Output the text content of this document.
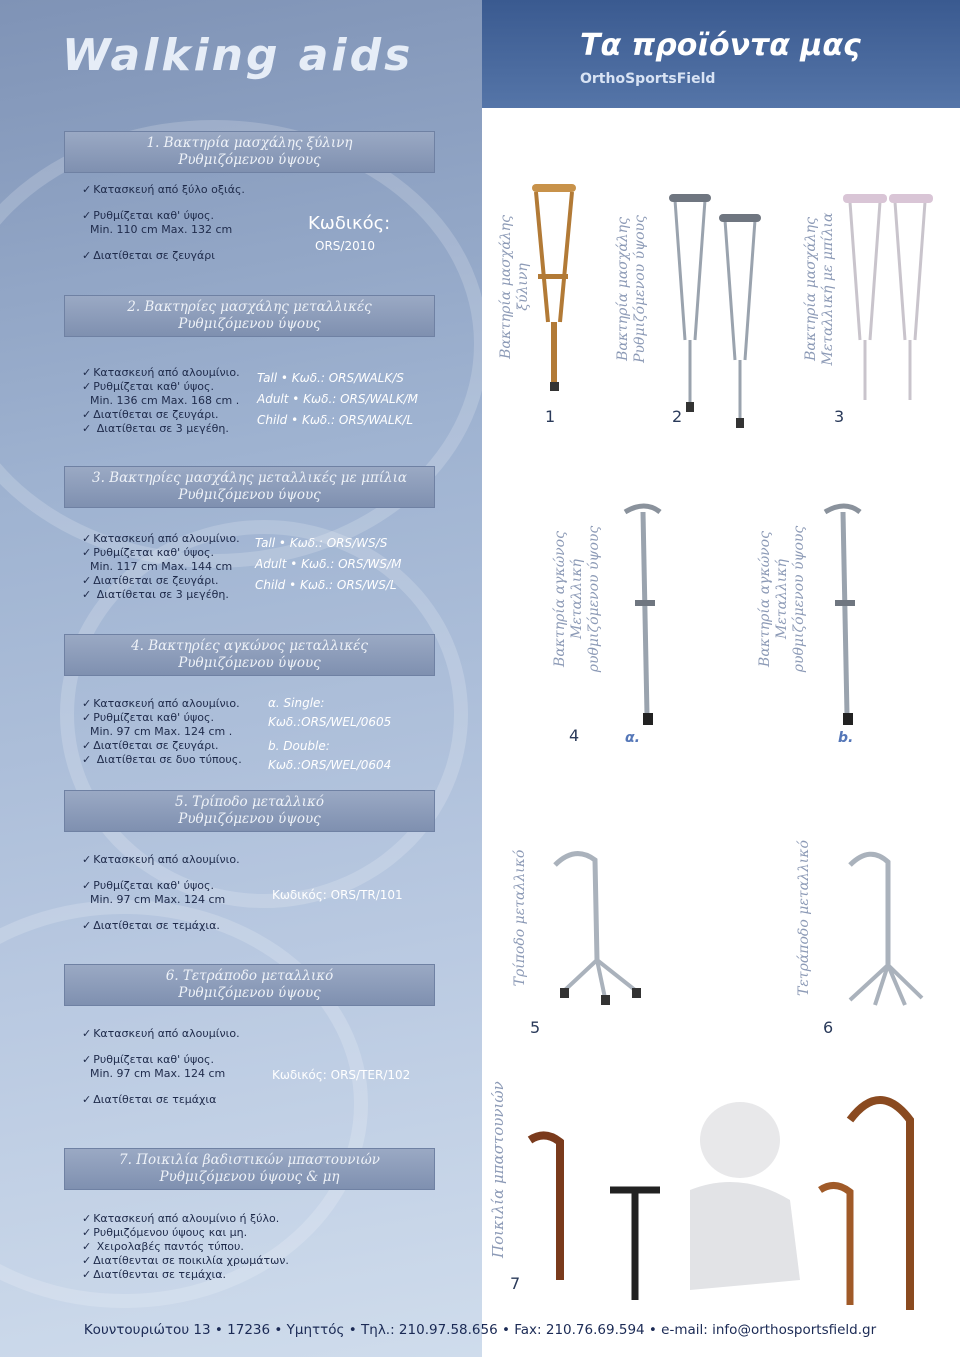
Walking aids	Τα προϊόντα μας
OrthoSportsField
1. Βακτηρία μασχάλης ξύλινη
Ρυθμιζόμενου ύψους
✓ Κατασκευή από ξύλο οξιάς.
✓ Ρυθμίζεται καθ' ύψος.
Min. 110 cm Max. 132 cm
✓ Διατίθεται σε ζευγάρι
Κωδικός:
ORS/2010
2. Βακτηρίες μασχάλης μεταλλικές
Ρυθμιζόμενου ύψους
✓ Κατασκευή από αλουμίνιο.
✓ Ρυθμίζεται καθ' ύψος.
Min. 136 cm Max. 168 cm .
✓ Διατίθεται σε ζευγάρι.
✓ Διατίθεται σε 3 μεγέθη.
Tall • Κωδ.: ORS/WALK/S
Adult • Κωδ.: ORS/WALK/M
Child • Κωδ.: ORS/WALK/L
3. Βακτηρίες μασχάλης μεταλλικές με μπίλια
Ρυθμιζόμενου ύψους
✓ Κατασκευή από αλουμίνιο.
✓ Ρυθμίζεται καθ' ύψος.
Min. 117 cm Max. 144 cm
✓ Διατίθεται σε ζευγάρι.
✓ Διατίθεται σε 3 μεγέθη.
Tall • Κωδ.: ORS/WS/S
Adult • Κωδ.: ORS/WS/M
Child • Κωδ.: ORS/WS/L
4. Βακτηρίες αγκώνος μεταλλικές
Ρυθμιζόμενου ύψους
✓ Κατασκευή από αλουμίνιο.
✓ Ρυθμίζεται καθ' ύψος.
Min. 97 cm Max. 124 cm .
✓ Διατίθεται σε ζευγάρι.
✓ Διατίθεται σε δυο τύπους.
α. Single:
Κωδ.:ORS/WEL/0605
b. Double:
Κωδ.:ORS/WEL/0604
5. Τρίποδο μεταλλικό
Ρυθμιζόμενου ύψους
✓ Κατασκευή από αλουμίνιο.
✓ Ρυθμίζεται καθ' ύψος.
Min. 97 cm Max. 124 cm
✓ Διατίθεται σε τεμάχια.
Κωδικός: ORS/TR/101
6. Τετράποδο μεταλλικό
Ρυθμιζόμενου ύψους
✓ Κατασκευή από αλουμίνιο.
✓ Ρυθμίζεται καθ' ύψος.
Min. 97 cm Max. 124 cm
✓ Διατίθεται σε τεμάχια
Κωδικός: ORS/TER/102
7. Ποικιλία βαδιστικών μπαστουνιών
Ρυθμιζόμενου ύψους & μη
✓ Κατασκευή από αλουμίνιο ή ξύλο.
✓ Ρυθμιζόμενου ύψους και μη.
✓ Χειρολαβές παντός τύπου.
✓ Διατίθενται σε ποικιλία χρωμάτων.
✓ Διατίθενται σε τεμάχια.
Βακτηρία μασχάλης
ξύλινη
Βακτηρία μασχάλης
Ρυθμιζόμενου ύψους
Βακτηρία μασχάλης
Μεταλλική με μπίλια
Βακτηρία αγκώνος
Μεταλλική
ρυθμιζόμενου ύψους
Βακτηρία αγκώνος
Μεταλλική
ρυθμιζόμενου ύψους
Τρίποδο μεταλλικό	Τετράποδο μεταλλικό
Ποικιλία μπαστουνιών
1	2	3
4
5	6
7
α.	b.
Κουντουριώτου 13 • 17236 • Υμηττός • Τηλ.: 210.97.58.656 • Fax: 210.76.69.594 • e-mail: info@orthosportsfield.gr
